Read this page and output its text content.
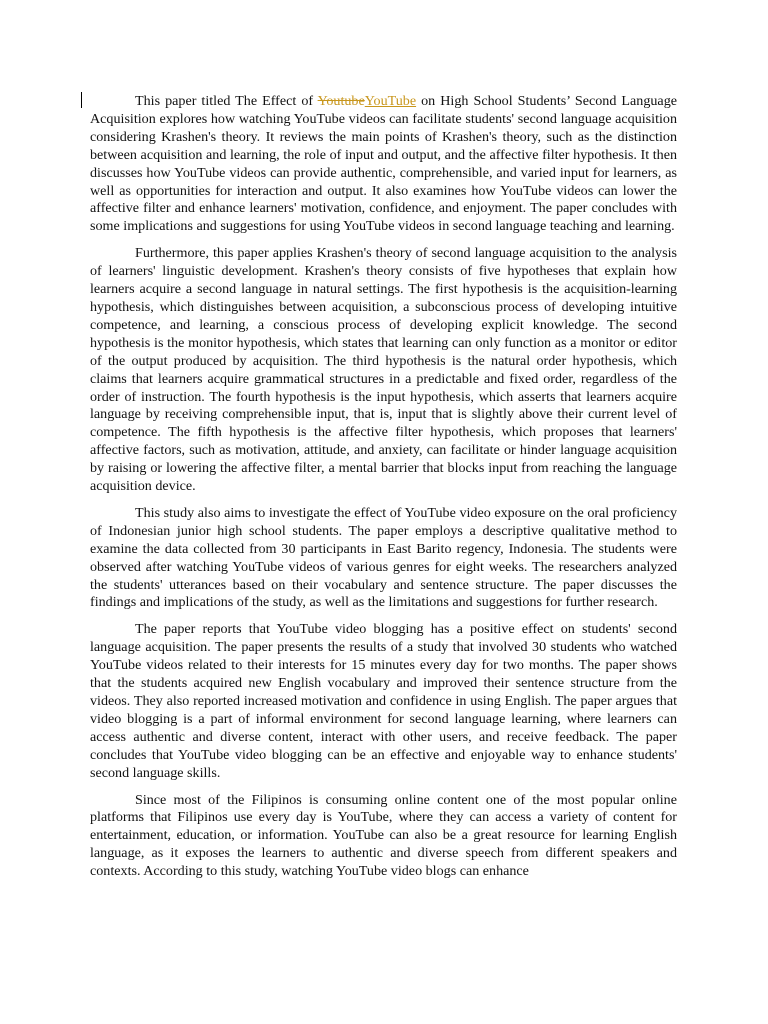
This paper titled The Effect of YoutubeYouTube on High School Students’ Second Language Acquisition explores how watching YouTube videos can facilitate students' second language acquisition considering Krashen's theory. It reviews the main points of Krashen's theory, such as the distinction between acquisition and learning, the role of input and output, and the affective filter hypothesis. It then discusses how YouTube videos can provide authentic, comprehensible, and varied input for learners, as well as opportunities for interaction and output. It also examines how YouTube videos can lower the affective filter and enhance learners' motivation, confidence, and enjoyment. The paper concludes with some implications and suggestions for using YouTube videos in second language teaching and learning.

Furthermore, this paper applies Krashen's theory of second language acquisition to the analysis of learners' linguistic development. Krashen's theory consists of five hypotheses that explain how learners acquire a second language in natural settings. The first hypothesis is the acquisition-learning hypothesis, which distinguishes between acquisition, a subconscious process of developing intuitive competence, and learning, a conscious process of developing explicit knowledge. The second hypothesis is the monitor hypothesis, which states that learning can only function as a monitor or editor of the output produced by acquisition. The third hypothesis is the natural order hypothesis, which claims that learners acquire grammatical structures in a predictable and fixed order, regardless of the order of instruction. The fourth hypothesis is the input hypothesis, which asserts that learners acquire language by receiving comprehensible input, that is, input that is slightly above their current level of competence. The fifth hypothesis is the affective filter hypothesis, which proposes that learners' affective factors, such as motivation, attitude, and anxiety, can facilitate or hinder language acquisition by raising or lowering the affective filter, a mental barrier that blocks input from reaching the language acquisition device.

This study also aims to investigate the effect of YouTube video exposure on the oral proficiency of Indonesian junior high school students. The paper employs a descriptive qualitative method to examine the data collected from 30 participants in East Barito regency, Indonesia. The students were observed after watching YouTube videos of various genres for eight weeks. The researchers analyzed the students' utterances based on their vocabulary and sentence structure. The paper discusses the findings and implications of the study, as well as the limitations and suggestions for further research.

The paper reports that YouTube video blogging has a positive effect on students' second language acquisition. The paper presents the results of a study that involved 30 students who watched YouTube videos related to their interests for 15 minutes every day for two months. The paper shows that the students acquired new English vocabulary and improved their sentence structure from the videos. They also reported increased motivation and confidence in using English. The paper argues that video blogging is a part of informal environment for second language learning, where learners can access authentic and diverse content, interact with other users, and receive feedback. The paper concludes that YouTube video blogging can be an effective and enjoyable way to enhance students' second language skills.

Since most of the Filipinos is consuming online content one of the most popular online platforms that Filipinos use every day is YouTube, where they can access a variety of content for entertainment, education, or information. YouTube can also be a great resource for learning English language, as it exposes the learners to authentic and diverse speech from different speakers and contexts. According to this study, watching YouTube video blogs can enhance
